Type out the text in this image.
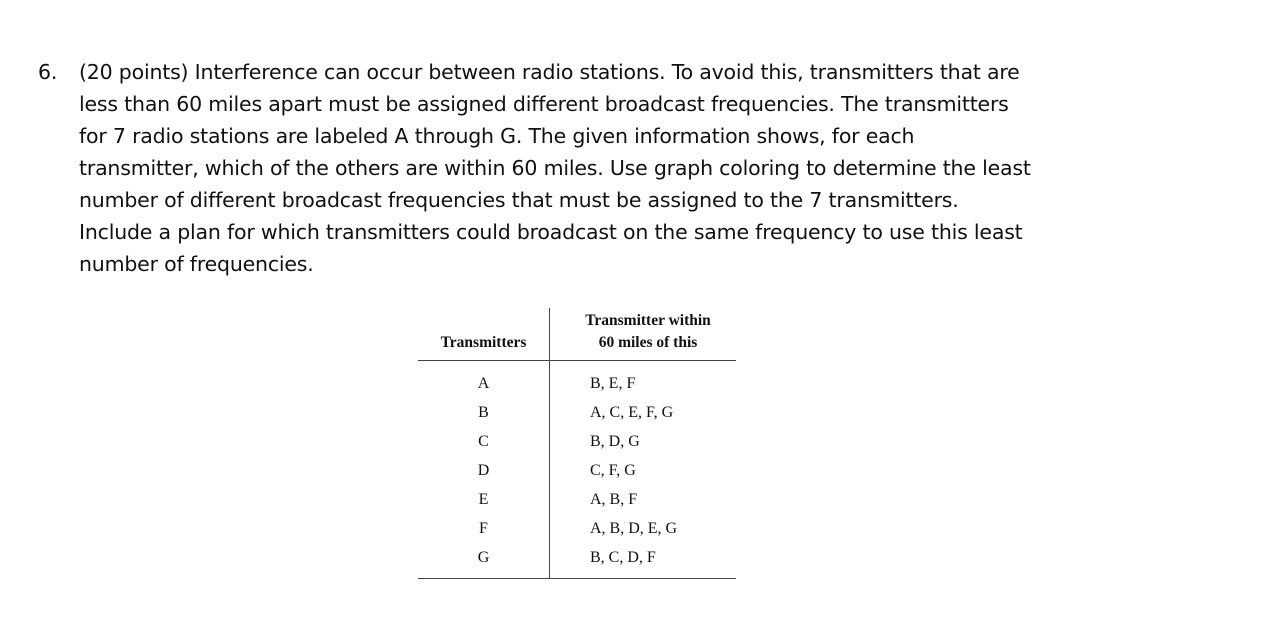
6. (20 points) Interference can occur between radio stations. To avoid this, transmitters that are less than 60 miles apart must be assigned different broadcast frequencies. The transmitters for 7 radio stations are labeled A through G. The given information shows, for each transmitter, which of the others are within 60 miles. Use graph coloring to determine the least number of different broadcast frequencies that must be assigned to the 7 transmitters. Include a plan for which transmitters could broadcast on the same frequency to use this least number of frequencies.
Transmitters	Transmitter within
60 miles of this
A	B, E, F
B	A, C, E, F, G
C	B, D, G
D	C, F, G
E	A, B, F
F	A, B, D, E, G
G	B, C, D, F
